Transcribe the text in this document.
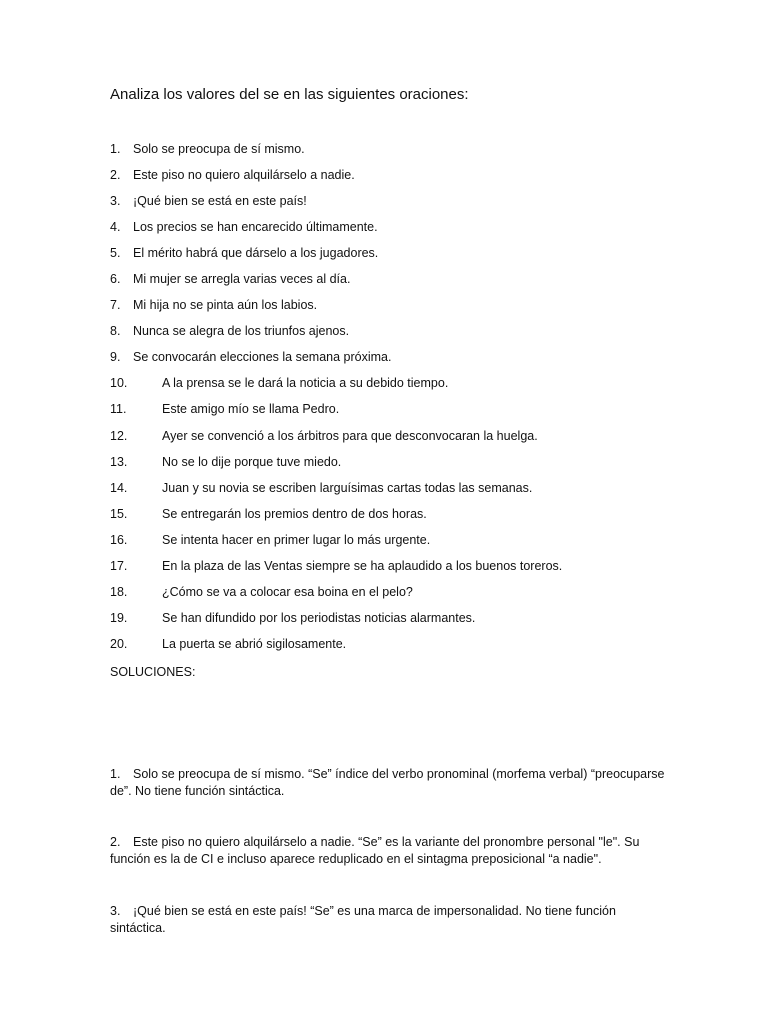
Analiza los valores del se en las siguientes oraciones:
1.	Solo se preocupa de sí mismo.
2.	Este piso no quiero alquilárselo a nadie.
3.	¡Qué bien se está en este país!
4.	Los precios se han encarecido últimamente.
5.	El mérito habrá que dárselo a los jugadores.
6.	Mi mujer se arregla varias veces al día.
7.	Mi hija no se pinta aún los labios.
8.	Nunca se alegra de los triunfos ajenos.
9.	Se convocarán elecciones la semana próxima.
10.	A la prensa se le dará la noticia a su debido tiempo.
11.	Este amigo mío se llama Pedro.
12.	Ayer se convenció a los árbitros para que desconvocaran la huelga.
13.	No se lo dije porque tuve miedo.
14.	Juan y su novia se escriben larguísimas cartas todas las semanas.
15.	Se entregarán los premios dentro de dos horas.
16.	Se intenta hacer en primer lugar lo más urgente.
17.	En la plaza de las Ventas siempre se ha aplaudido a los buenos toreros.
18.	¿Cómo se va a colocar esa boina en el pelo?
19.	Se han difundido por los periodistas noticias alarmantes.
20.	La puerta se abrió sigilosamente.
SOLUCIONES:
1. Solo se preocupa de sí mismo. “Se” índice del verbo pronominal (morfema verbal) “preocuparse de”. No tiene función sintáctica.
2. Este piso no quiero alquilárselo a nadie. “Se” es la variante del pronombre personal "le". Su función es la de CI e incluso aparece reduplicado en el sintagma preposicional “a nadie".
3. ¡Qué bien se está en este país! “Se” es una marca de impersonalidad. No tiene función sintáctica.
